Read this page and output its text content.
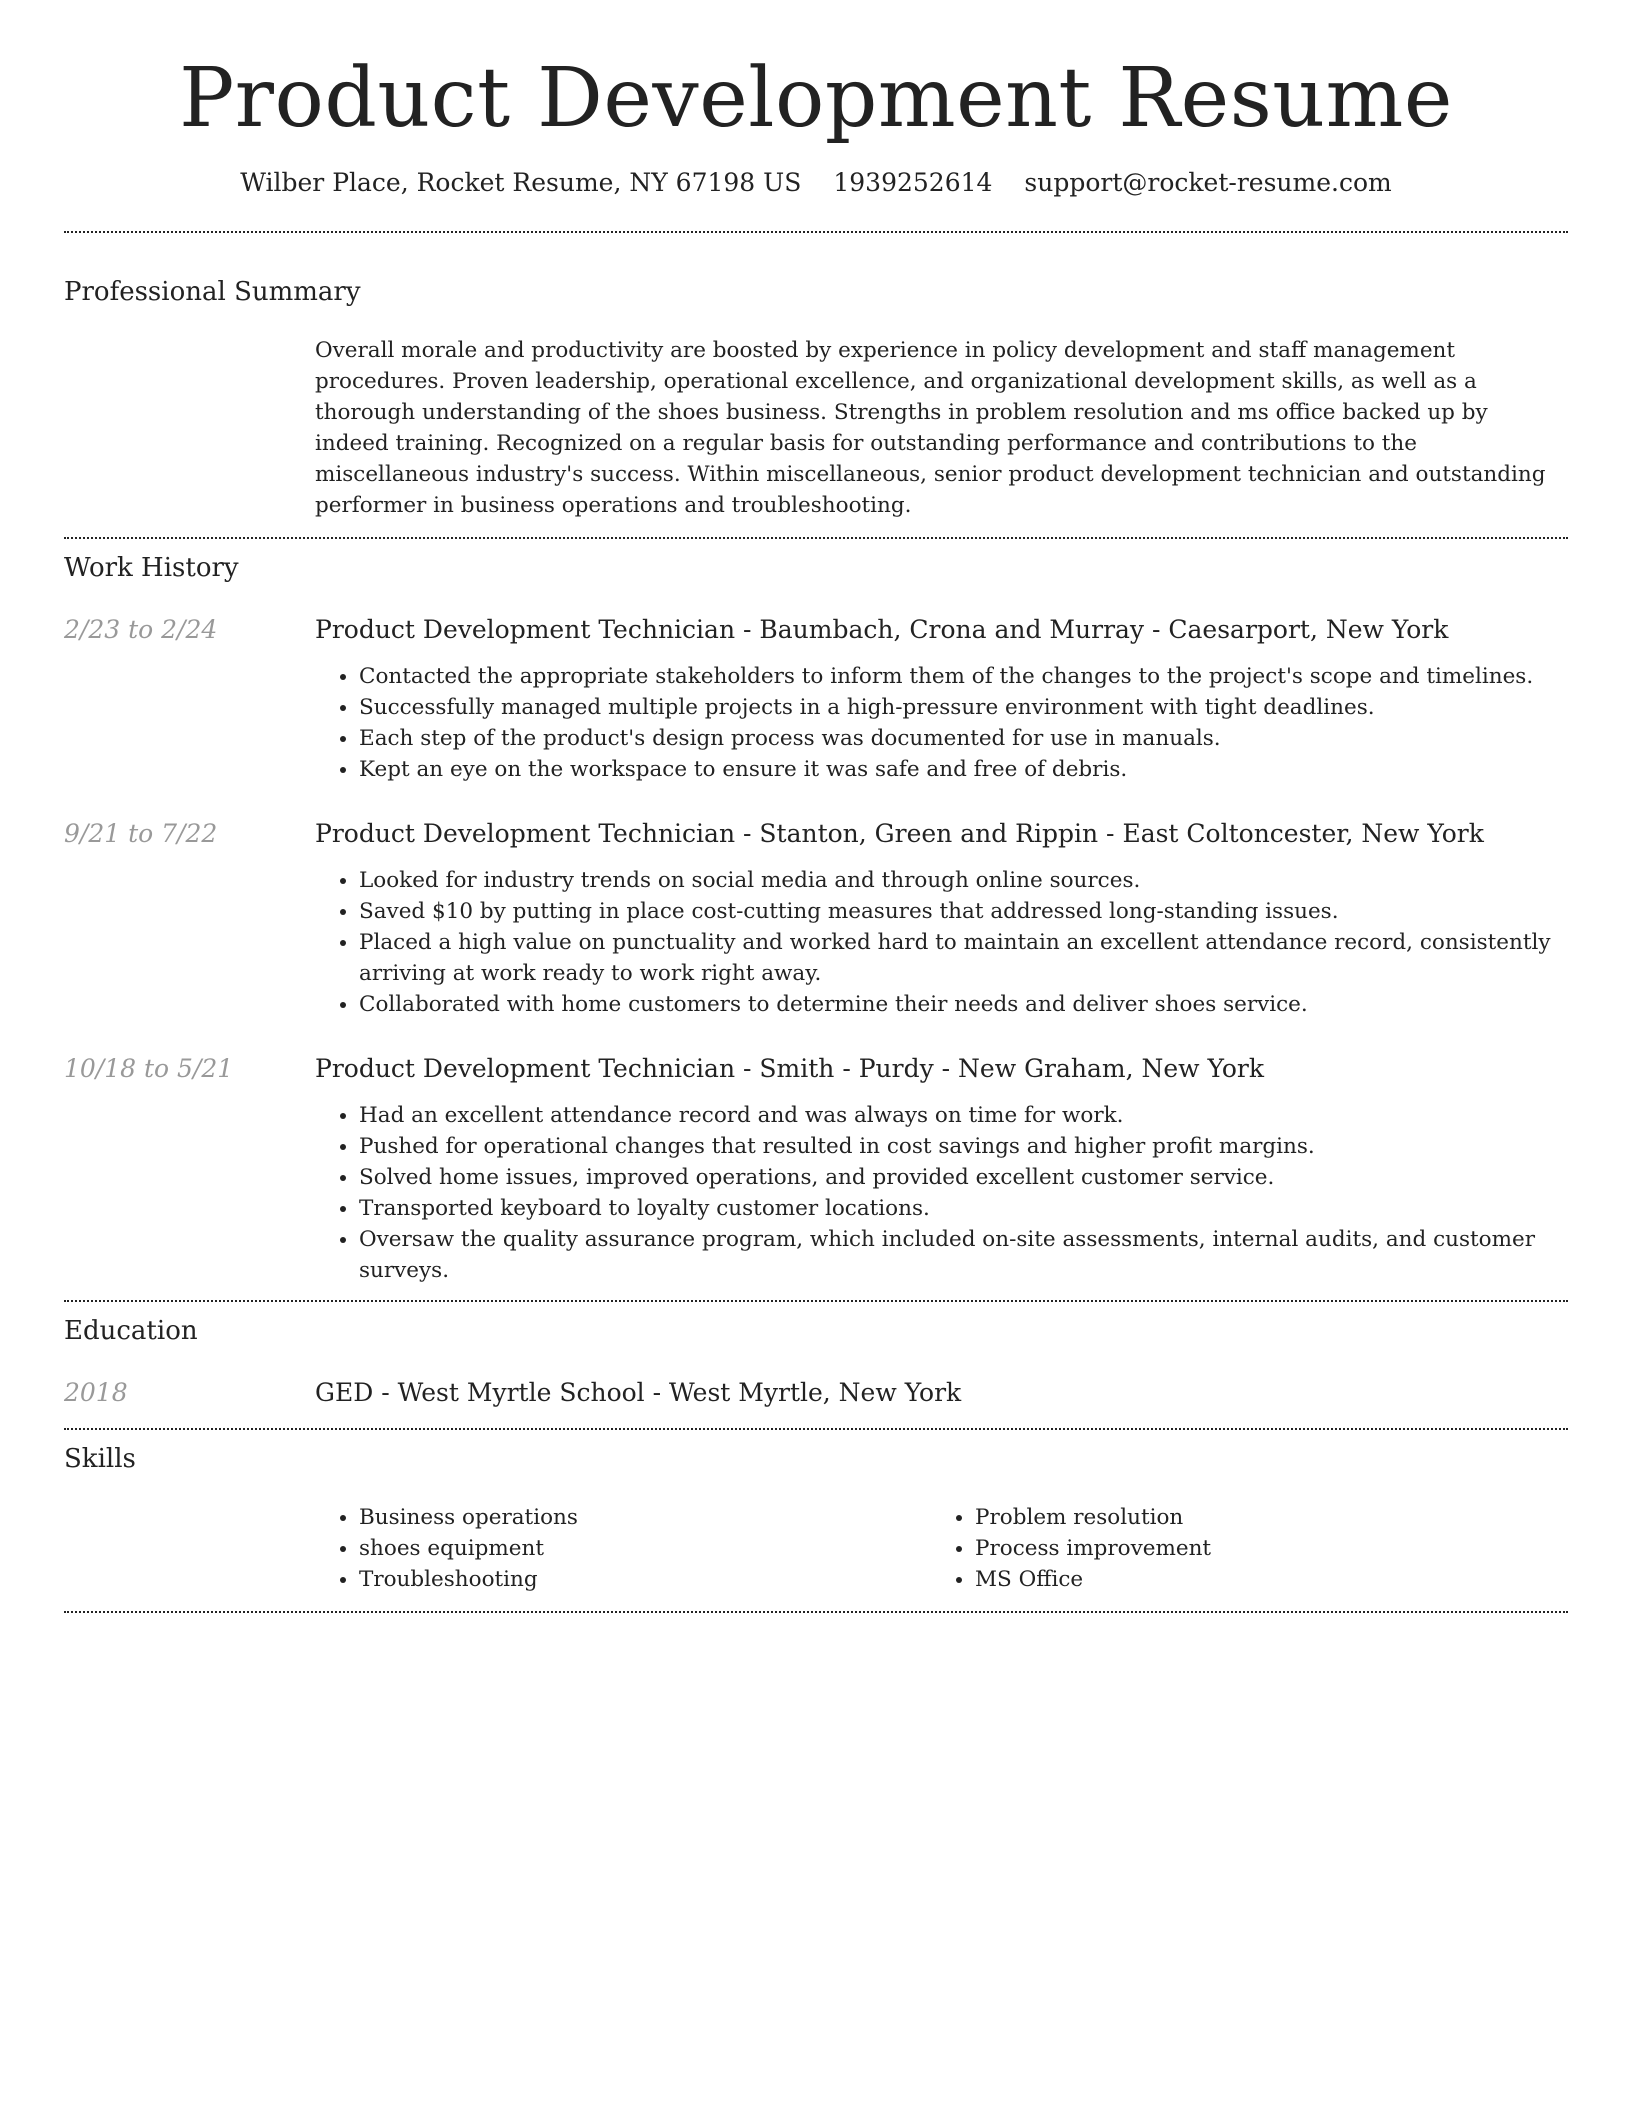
Product Development Resume
Wilber Place, Rocket Resume, NY 67198 US 1939252614 support@rocket-resume.com
Professional Summary

Overall morale and productivity are boosted by experience in policy development and staff management procedures. Proven leadership, operational excellence, and organizational development skills, as well as a thorough understanding of the shoes business. Strengths in problem resolution and ms office backed up by indeed training. Recognized on a regular basis for outstanding performance and contributions to the miscellaneous industry's success. Within miscellaneous, senior product development technician and outstanding performer in business operations and troubleshooting.

Work History
2/23 to 2/24	Product Development Technician - Baumbach, Crona and Murray - Caesarport, New York
• Contacted the appropriate stakeholders to inform them of the changes to the project's scope and timelines.
• Successfully managed multiple projects in a high-pressure environment with tight deadlines.
• Each step of the product's design process was documented for use in manuals.
• Kept an eye on the workspace to ensure it was safe and free of debris.
9/21 to 7/22	Product Development Technician - Stanton, Green and Rippin - East Coltoncester, New York
• Looked for industry trends on social media and through online sources.
• Saved $10 by putting in place cost-cutting measures that addressed long-standing issues.
• Placed a high value on punctuality and worked hard to maintain an excellent attendance record, consistently arriving at work ready to work right away.
• Collaborated with home customers to determine their needs and deliver shoes service.
10/18 to 5/21	Product Development Technician - Smith - Purdy - New Graham, New York
• Had an excellent attendance record and was always on time for work.
• Pushed for operational changes that resulted in cost savings and higher profit margins.
• Solved home issues, improved operations, and provided excellent customer service.
• Transported keyboard to loyalty customer locations.
• Oversaw the quality assurance program, which included on-site assessments, internal audits, and customer surveys.
Education
2018	GED - West Myrtle School - West Myrtle, New York
Skills
• Business operations
• shoes equipment
• Troubleshooting
• Problem resolution
• Process improvement
• MS Office
